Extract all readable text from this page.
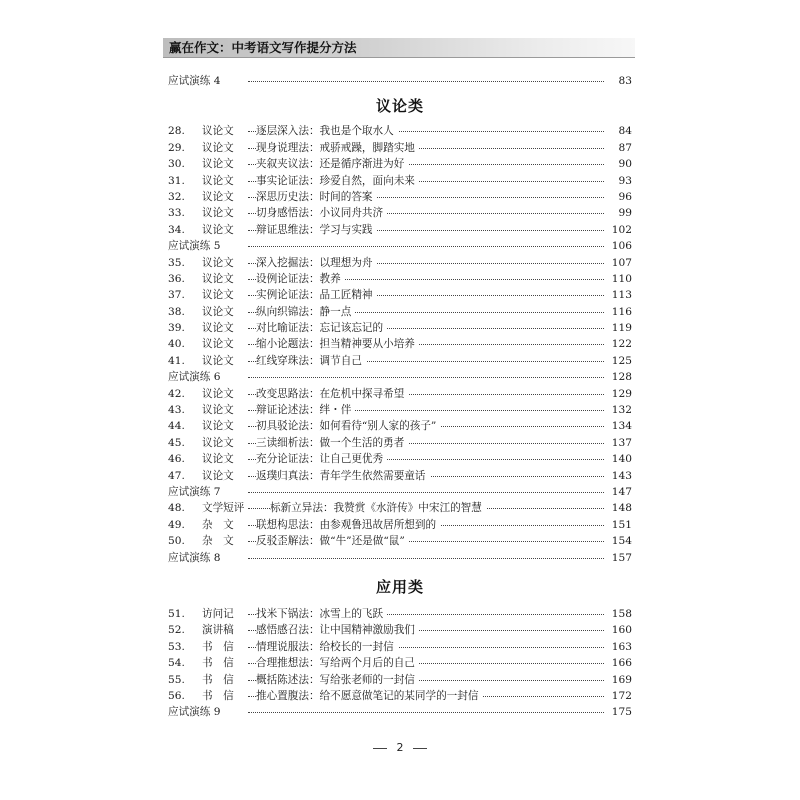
赢在作文：中考语文写作提分方法
应试演练 4	83
议论类
28. 议论文 逐层深入法：我也是个取水人	84
29. 议论文 现身说理法：戒骄戒躁，脚踏实地	87
30. 议论文 夹叙夹议法：还是循序渐进为好	90
31. 议论文 事实论证法：珍爱自然，面向未来	93
32. 议论文 深思历史法：时间的答案	96
33. 议论文 切身感悟法：小议同舟共济	99
34. 议论文 辩证思维法：学习与实践	102
应试演练 5	106
35. 议论文 深入挖掘法：以理想为舟	107
36. 议论文 设例论证法：教养	110
37. 议论文 实例论证法：品工匠精神	113
38. 议论文 纵向织锦法：静一点	116
39. 议论文 对比喻证法：忘记该忘记的	119
40. 议论文 缩小论题法：担当精神要从小培养	122
41. 议论文 红线穿珠法：调节自己	125
应试演练 6	128
42. 议论文 改变思路法：在危机中探寻希望	129
43. 议论文 辩证论述法：绊・伴	132
44. 议论文 初具驳论法：如何看待“别人家的孩子”	134
45. 议论文 三读细析法：做一个生活的勇者	137
46. 议论文 充分论证法：让自己更优秀	140
47. 议论文 返璞归真法：青年学生依然需要童话	143
应试演练 7	147
48. 文学短评 标新立异法：我赞赏《水浒传》中宋江的智慧	148
49. 杂　文 联想构思法：由参观鲁迅故居所想到的	151
50. 杂　文 反驳歪解法：做“牛”还是做“鼠”	154
应试演练 8	157
应用类
51. 访问记 找米下锅法：冰雪上的飞跃	158
52. 演讲稿 感悟感召法：让中国精神激励我们	160
53. 书　信 情理说服法：给校长的一封信	163
54. 书　信 合理推想法：写给两个月后的自己	166
55. 书　信 概括陈述法：写给张老师的一封信	169
56. 书　信 推心置腹法：给不愿意做笔记的某同学的一封信	172
应试演练 9	175
2
